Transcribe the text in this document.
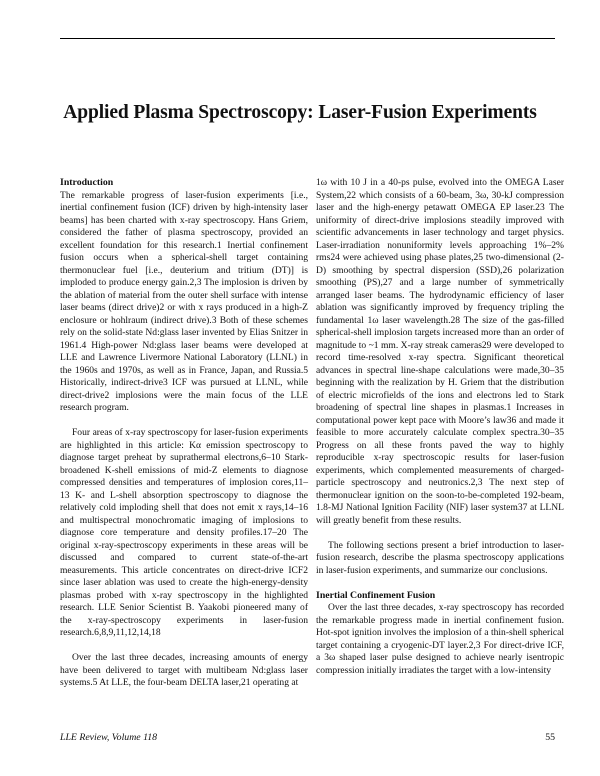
Applied Plasma Spectroscopy: Laser-Fusion Experiments
Introduction

The remarkable progress of laser-fusion experiments [i.e., inertial confinement fusion (ICF) driven by high-intensity laser beams] has been charted with x-ray spectroscopy. Hans Griem, considered the father of plasma spectroscopy, provided an excellent foundation for this research.1 Inertial confinement fusion occurs when a spherical-shell target containing thermonuclear fuel [i.e., deuterium and tritium (DT)] is imploded to produce energy gain.2,3 The implosion is driven by the ablation of material from the outer shell surface with intense laser beams (direct drive)2 or with x rays produced in a high-Z enclosure or hohlraum (indirect drive).3 Both of these schemes rely on the solid-state Nd:glass laser invented by Elias Snitzer in 1961.4 High-power Nd:glass laser beams were developed at LLE and Lawrence Livermore National Laboratory (LLNL) in the 1960s and 1970s, as well as in France, Japan, and Russia.5 Historically, indirect-drive3 ICF was pursued at LLNL, while direct-drive2 implosions were the main focus of the LLE research program.

Four areas of x-ray spectroscopy for laser-fusion experiments are highlighted in this article: Kα emission spectroscopy to diagnose target preheat by suprathermal electrons,6–10 Stark-broadened K-shell emissions of mid-Z elements to diagnose compressed densities and temperatures of implosion cores,11–13 K- and L-shell absorption spectroscopy to diagnose the relatively cold imploding shell that does not emit x rays,14–16 and multispectral monochromatic imaging of implosions to diagnose core temperature and density profiles.17–20 The original x-ray-spectroscopy experiments in these areas will be discussed and compared to current state-of-the-art measurements. This article concentrates on direct-drive ICF2 since laser ablation was used to create the high-energy-density plasmas probed with x-ray spectroscopy in the highlighted research. LLE Senior Scientist B. Yaakobi pioneered many of the x-ray-spectroscopy experiments in laser-fusion research.6,8,9,11,12,14,18

Over the last three decades, increasing amounts of energy have been delivered to target with multibeam Nd:glass laser systems.5 At LLE, the four-beam DELTA laser,21 operating at

1ω with 10 J in a 40-ps pulse, evolved into the OMEGA Laser System,22 which consists of a 60-beam, 3ω, 30-kJ compression laser and the high-energy petawatt OMEGA EP laser.23 The uniformity of direct-drive implosions steadily improved with scientific advancements in laser technology and target physics. Laser-irradiation nonuniformity levels approaching 1%–2% rms24 were achieved using phase plates,25 two-dimensional (2-D) smoothing by spectral dispersion (SSD),26 polarization smoothing (PS),27 and a large number of symmetrically arranged laser beams. The hydrodynamic efficiency of laser ablation was significantly improved by frequency tripling the fundamental 1ω laser wavelength.28 The size of the gas-filled spherical-shell implosion targets increased more than an order of magnitude to ~1 mm. X-ray streak cameras29 were developed to record time-resolved x-ray spectra. Significant theoretical advances in spectral line-shape calculations were made,30–35 beginning with the realization by H. Griem that the distribution of electric microfields of the ions and electrons led to Stark broadening of spectral line shapes in plasmas.1 Increases in computational power kept pace with Moore’s law36 and made it feasible to more accurately calculate complex spectra.30–35 Progress on all these fronts paved the way to highly reproducible x-ray spectroscopic results for laser-fusion experiments, which complemented measurements of charged-particle spectroscopy and neutronics.2,3 The next step of thermonuclear ignition on the soon-to-be-completed 192-beam, 1.8-MJ National Ignition Facility (NIF) laser system37 at LLNL will greatly benefit from these results.

The following sections present a brief introduction to laser-fusion research, describe the plasma spectroscopy applications in laser-fusion experiments, and summarize our conclusions.

Inertial Confinement Fusion

Over the last three decades, x-ray spectroscopy has recorded the remarkable progress made in inertial confinement fusion. Hot-spot ignition involves the implosion of a thin-shell spherical target containing a cryogenic-DT layer.2,3 For direct-drive ICF, a 3ω shaped laser pulse designed to achieve nearly isentropic compression initially irradiates the target with a low-intensity

LLE Review, Volume 118	55
